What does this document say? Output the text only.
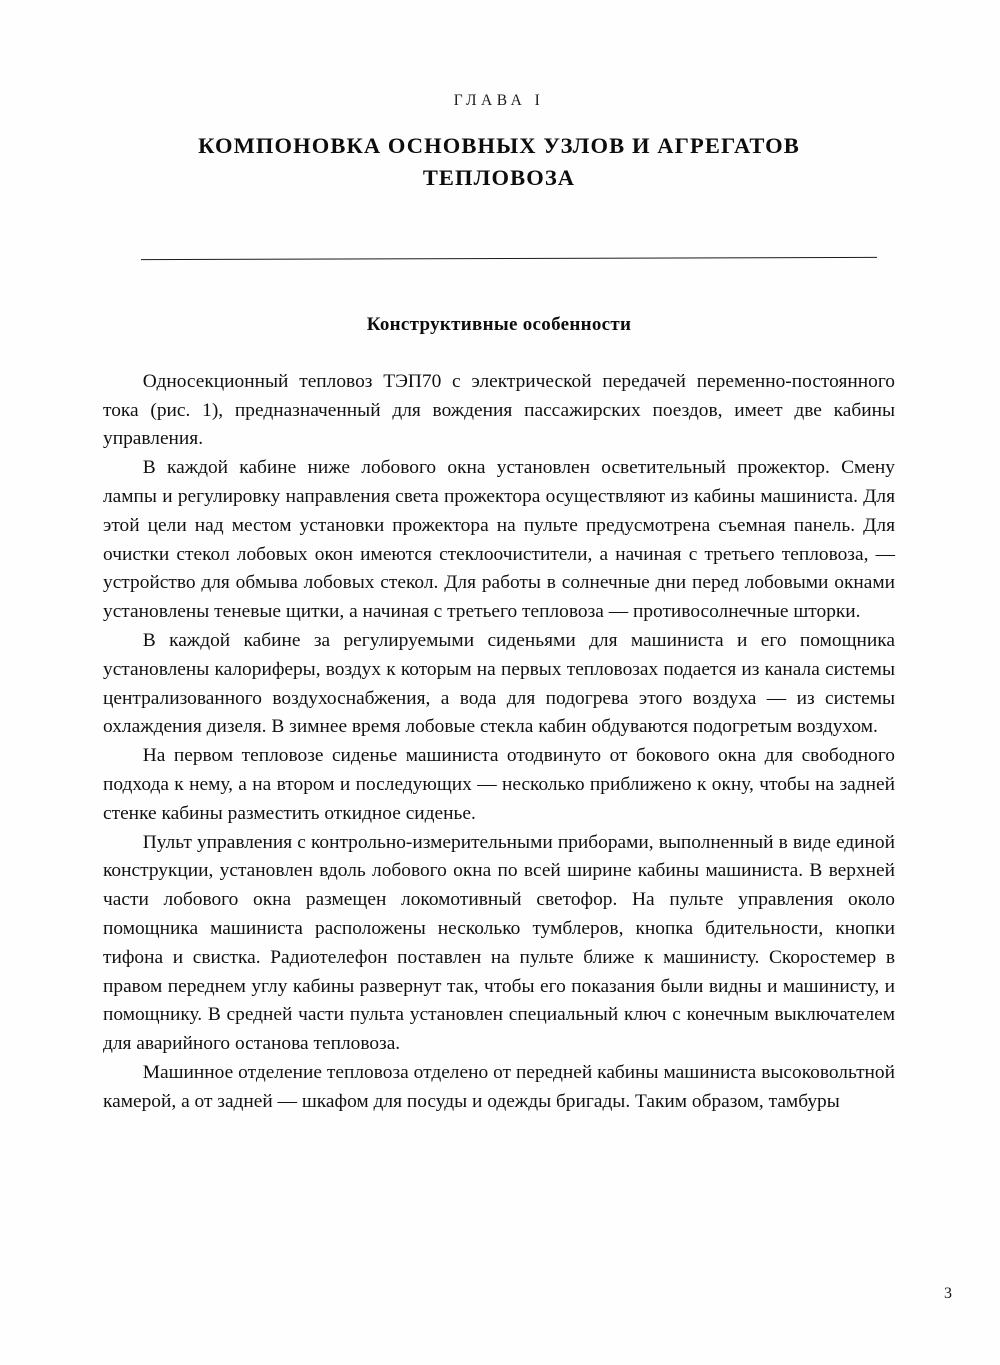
ГЛАВА I
КОМПОНОВКА ОСНОВНЫХ УЗЛОВ И АГРЕГАТОВ
ТЕПЛОВОЗА
Конструктивные особенности

Односекционный тепловоз ТЭП70 с электрической передачей переменно-постоянного тока (рис. 1), предназначенный для вождения пассажирских поездов, имеет две кабины управления.

В каждой кабине ниже лобового окна установлен осветительный прожектор. Смену лампы и регулировку направления света прожектора осуществляют из кабины машиниста. Для этой цели над местом установки прожектора на пульте предусмотрена съемная панель. Для очистки стекол лобовых окон имеются стеклоочистители, а начиная с третьего тепловоза, — устройство для обмыва лобовых стекол. Для работы в солнечные дни перед лобовыми окнами установлены теневые щитки, а начиная с третьего тепловоза — противосолнечные шторки.

В каждой кабине за регулируемыми сиденьями для машиниста и его помощника установлены калориферы, воздух к которым на первых тепловозах подается из канала системы централизованного воздухоснабжения, а вода для подогрева этого воздуха — из системы охлаждения дизеля. В зимнее время лобовые стекла кабин обдуваются подогретым воздухом.

На первом тепловозе сиденье машиниста отодвинуто от бокового окна для свободного подхода к нему, а на втором и последующих — несколько приближено к окну, чтобы на задней стенке кабины разместить откидное сиденье.

Пульт управления с контрольно-измерительными приборами, выполненный в виде единой конструкции, установлен вдоль лобового окна по всей ширине кабины машиниста. В верхней части лобового окна размещен локомотивный светофор. На пульте управления около помощника машиниста расположены несколько тумблеров, кнопка бдительности, кнопки тифона и свистка. Радиотелефон поставлен на пульте ближе к машинисту. Скоростемер в правом переднем углу кабины развернут так, чтобы его показания были видны и машинисту, и помощнику. В средней части пульта установлен специальный ключ с конечным выключателем для аварийного останова тепловоза.

Машинное отделение тепловоза отделено от передней кабины машиниста высоковольтной камерой, а от задней — шкафом для посуды и одежды бригады. Таким образом, тамбуры

3
